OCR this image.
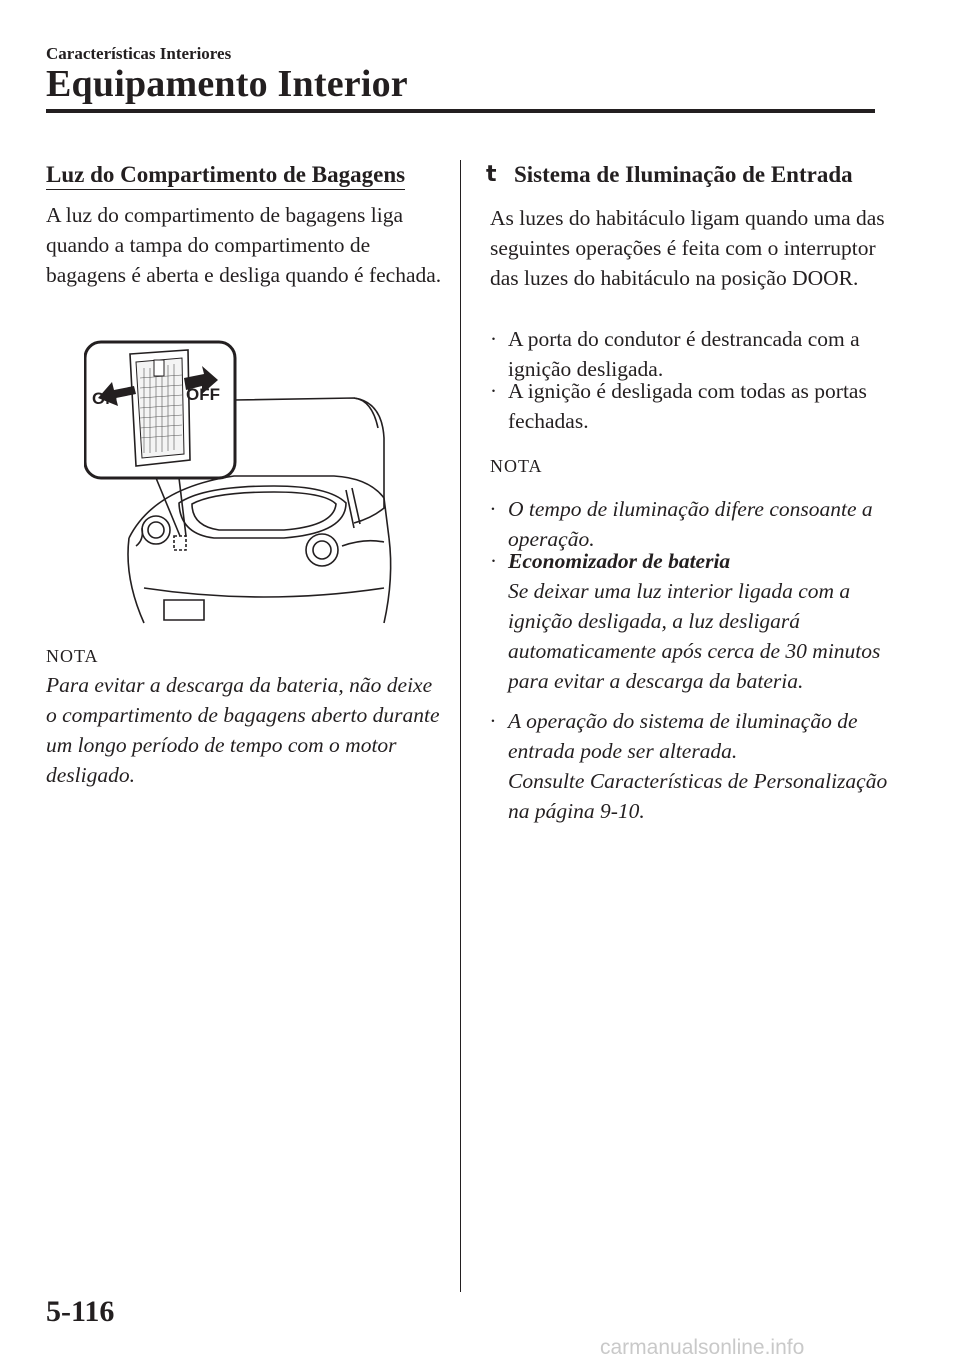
Características Interiores
Equipamento Interior
Luz do Compartimento de Bagagens
A luz do compartimento de bagagens liga quando a tampa do compartimento de bagagens é aberta e desliga quando é fechada.
ON	OFF
NOTA
Para evitar a descarga da bateria, não deixe o compartimento de bagagens aberto durante um longo período de tempo com o motor desligado.
t Sistema de Iluminação de Entrada
As luzes do habitáculo ligam quando uma das seguintes operações é feita com o interruptor das luzes do habitáculo na posição DOOR.
· A porta do condutor é destrancada com a ignição desligada.
· A ignição é desligada com todas as portas fechadas.
NOTA
· O tempo de iluminação difere consoante a operação.
· Economizador de bateria
Se deixar uma luz interior ligada com a ignição desligada, a luz desligará automaticamente após cerca de 30 minutos para evitar a descarga da bateria.
· A operação do sistema de iluminação de entrada pode ser alterada.
Consulte Características de Personalização na página 9-10.
5-116
carmanualsonline.info
